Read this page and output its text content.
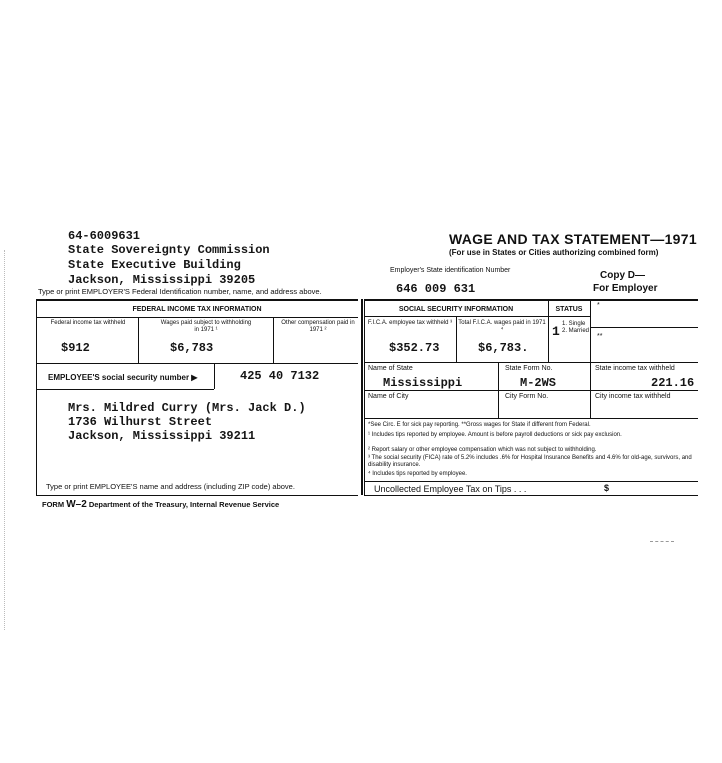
64-6009631
State Sovereignty Commission
State Executive Building
Jackson, Mississippi 39205
Type or print EMPLOYER'S Federal Identification number, name, and address above.
WAGE AND TAX STATEMENT—1971
(For use in States or Cities authorizing combined form)
Employer's State identification Number
646 009 631
Copy D—
For Employer
FEDERAL INCOME TAX INFORMATION
Federal income tax withheld	Wages paid subject to withholding in 1971 ¹
Other compensation paid in 1971 ²
$912	$6,783
EMPLOYEE'S social security number ▶	425 40 7132
Mrs. Mildred Curry (Mrs. Jack D.)
1736 Wilhurst Street
Jackson, Mississippi 39211
Type or print EMPLOYEE'S name and address (including ZIP code) above.
SOCIAL SECURITY INFORMATION	STATUS
1. Single
2. Married
1
*
**
F.I.C.A. employee tax withheld ³	Total F.I.C.A. wages paid in 1971 ⁴
$352.73	$6,783.
Name of State	State Form No.	State income tax withheld
Mississippi	M-2WS	221.16
Name of City	City Form No.	City income tax withheld
*See Circ. E for sick pay reporting. **Gross wages for State if different from Federal.
¹ Includes tips reported by employee. Amount is before payroll deductions or sick pay exclusion.
² Report salary or other employee compensation which was not subject to withholding.
³ The social security (FICA) rate of 5.2% includes .6% for Hospital Insurance Benefits and 4.6% for old-age, survivors, and disability insurance.
⁴ Includes tips reported by employee.
Uncollected Employee Tax on Tips . . .	$
FORM W–2 Department of the Treasury, Internal Revenue Service
